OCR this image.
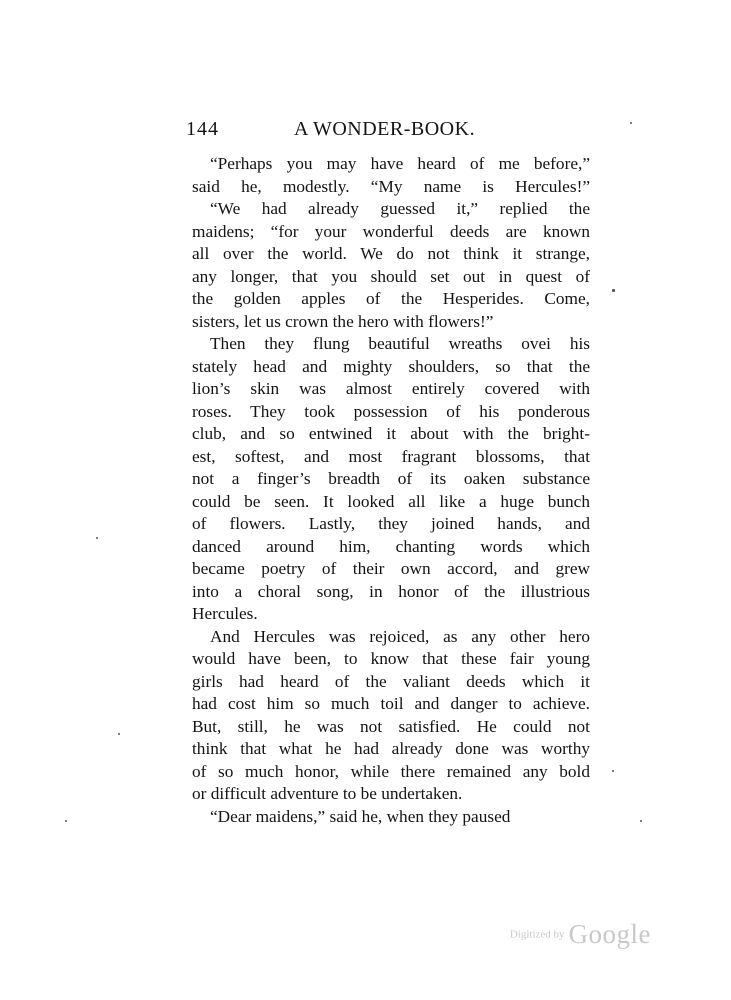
144	A WONDER-BOOK.
“Perhaps you may have heard of me before,”
said he, modestly. “My name is Hercules!”
“We had already guessed it,” replied the
maidens; “for your wonderful deeds are known
all over the world. We do not think it strange,
any longer, that you should set out in quest of
the golden apples of the Hesperides. Come,
sisters, let us crown the hero with flowers!”
Then they flung beautiful wreaths ovei his
stately head and mighty shoulders, so that the
lion’s skin was almost entirely covered with
roses. They took possession of his ponderous
club, and so entwined it about with the bright-
est, softest, and most fragrant blossoms, that
not a finger’s breadth of its oaken substance
could be seen. It looked all like a huge bunch
of flowers. Lastly, they joined hands, and
danced around him, chanting words which
became poetry of their own accord, and grew
into a choral song, in honor of the illustrious
Hercules.
And Hercules was rejoiced, as any other hero
would have been, to know that these fair young
girls had heard of the valiant deeds which it
had cost him so much toil and danger to achieve.
But, still, he was not satisfied. He could not
think that what he had already done was worthy
of so much honor, while there remained any bold
or difficult adventure to be undertaken.
“Dear maidens,” said he, when they paused
Digitized by Google
